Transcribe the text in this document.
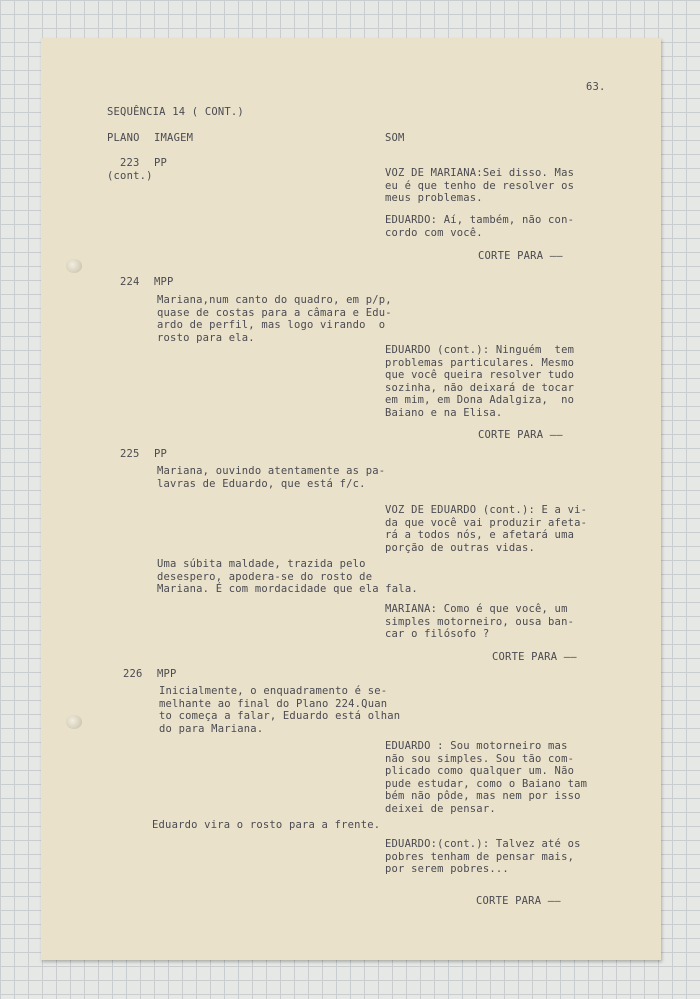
63.

SEQUÊNCIA 14 ( CONT.)

PLANO IMAGEM	SOM

223 PP

(cont.)	VOZ DE MARIANA:Sei disso. Mas
eu é que tenho de resolver os
meus problemas.
EDUARDO: Aí, também, não con-
cordo com você.

CORTE PARA ——

224 MPP

Mariana,num canto do quadro, em p/p,
quase de costas para a câmara e Edu-
ardo de perfil, mas logo virando  o
rosto para ela.
EDUARDO (cont.): Ninguém  tem
problemas particulares. Mesmo
que você queira resolver tudo
sozinha, não deixará de tocar
em mim, em Dona Adalgiza,  no
Baiano e na Elisa.

CORTE PARA ——

225 PP

Mariana, ouvindo atentamente as pa-
lavras de Eduardo, que está f/c.
VOZ DE EDUARDO (cont.): E a vi-
da que você vai produzir afeta-
rá a todos nós, e afetará uma
porção de outras vidas.
Uma súbita maldade, trazida pelo
desespero, apodera-se do rosto de
Mariana. É com mordacidade que ela fala.
MARIANA: Como é que você, um
simples motorneiro, ousa ban-
car o filósofo ?

CORTE PARA ——

226 MPP

Inicialmente, o enquadramento é se-
melhante ao final do Plano 224.Quan
to começa a falar, Eduardo está olhan
do para Mariana.
EDUARDO : Sou motorneiro mas
não sou simples. Sou tão com-
plicado como qualquer um. Não
pude estudar, como o Baiano tam
bém não pôde, mas nem por isso
deixei de pensar.
Eduardo vira o rosto para a frente.
EDUARDO:(cont.): Talvez até os
pobres tenham de pensar mais,
por serem pobres...

CORTE PARA ——
